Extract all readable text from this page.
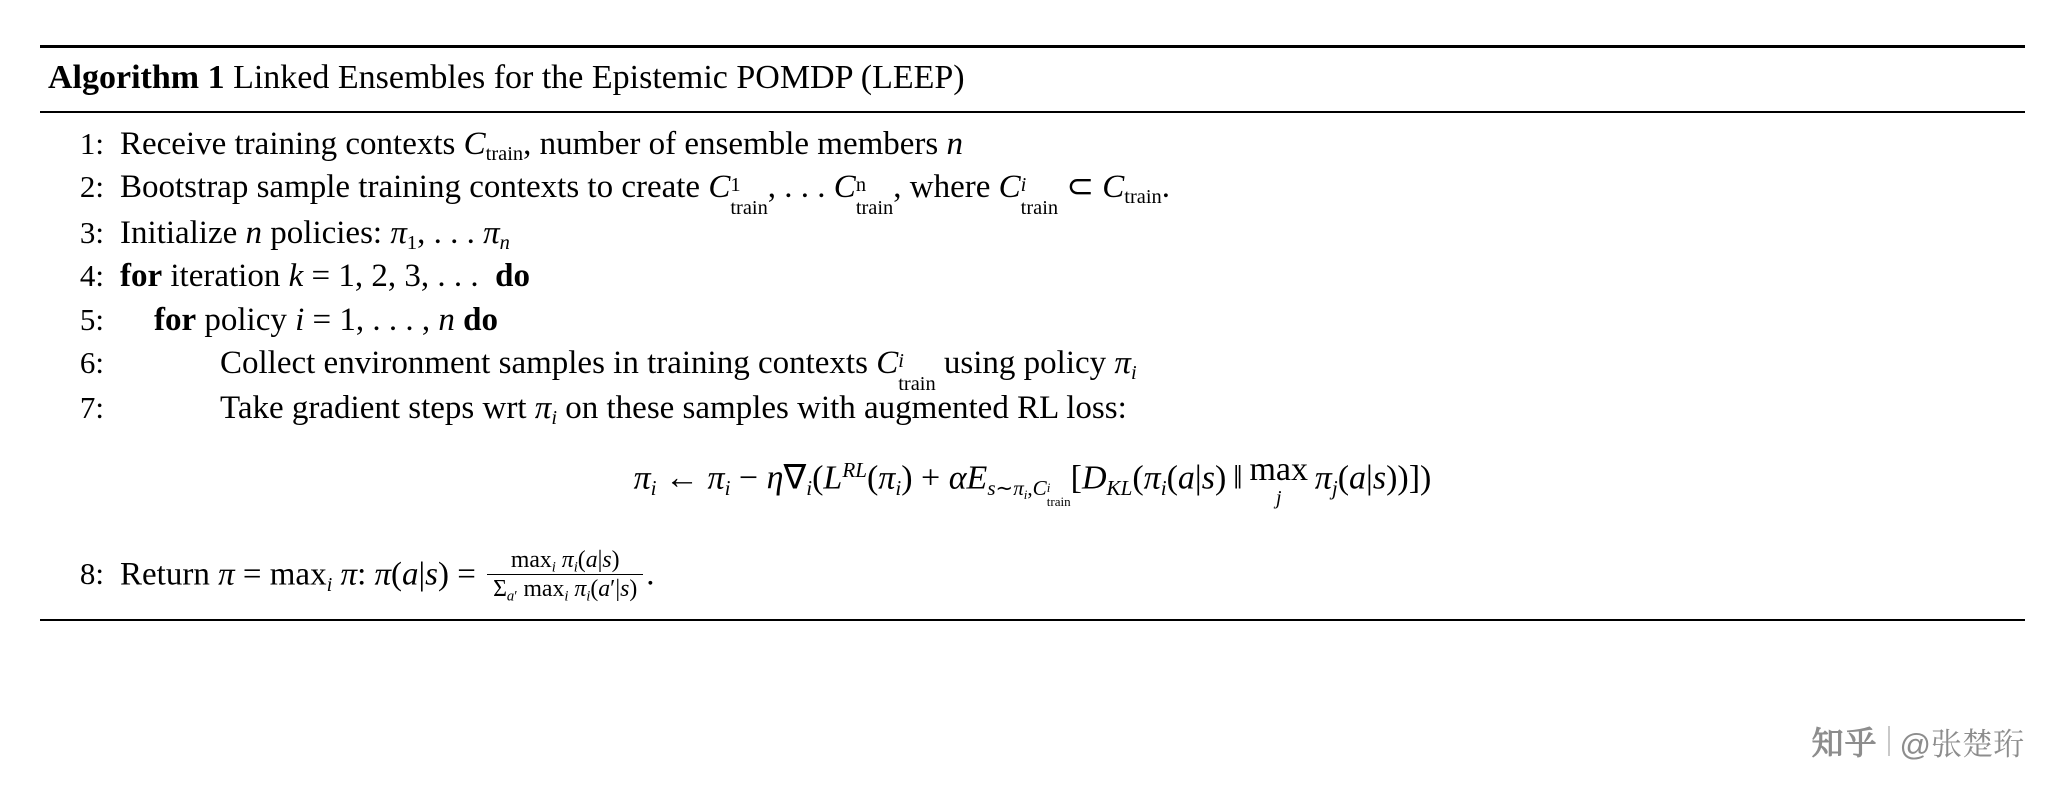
Algorithm 1 Linked Ensembles for the Epistemic POMDP (LEEP)
1: Receive training contexts $C_{train}$, number of ensemble members n
2: Bootstrap sample training contexts to create C 1
train
, . . . C n
train
, where C i
train
⊂ $C_{train}$.
3: Initialize n policies: $\pi_1$, . . . $\pi_n$
4: for iteration k = 1, 2, 3, . . .  do
5:	for policy i = 1, . . . , n do
6:	Collect environment samples in training contexts C i
train
using policy $\pi_i$
7:	Take gradient steps wrt $\pi_i$ on these samples with augmented RL loss:
$\pi_i$ ← $\pi_i - \eta\nabla_i(L^{RL}(\pi_i) + \alpha E_{s\sim\pi_i,C i train}$
[$D_{KL}(\pi_i(a|s)$ ‖  max
j
 $\pi_j(a|s)$)])
8: Return $\pi = \max_i \pi$: $\pi(a|s) = \frac{\max_i \pi_i(a|s)}{\Sigma_{a'} \max_i \pi_i(a'|s)}$ .
知乎 @张楚珩
